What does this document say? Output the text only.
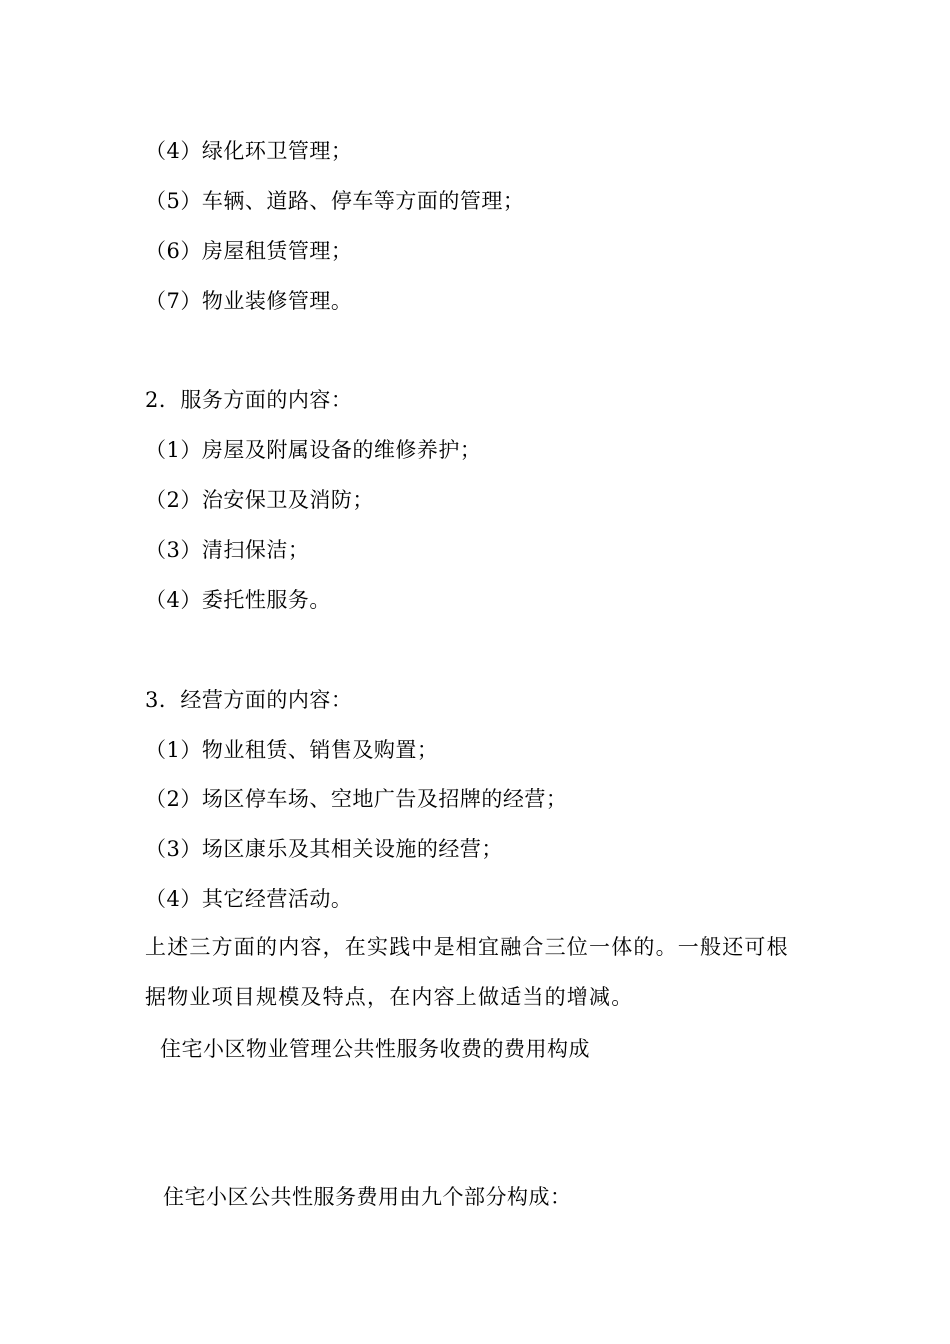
（4）绿化环卫管理；
（5）车辆、道路、停车等方面的管理；
（6）房屋租赁管理；
（7）物业装修管理。
2．服务方面的内容：
（1）房屋及附属设备的维修养护；
（2）治安保卫及消防；
（3）清扫保洁；
（4）委托性服务。
3．经营方面的内容：
（1）物业租赁、销售及购置；
（2）场区停车场、空地广告及招牌的经营；
（3）场区康乐及其相关设施的经营；
（4）其它经营活动。
上述三方面的内容，在实践中是相宜融合三位一体的。一般还可根
据物业项目规模及特点，在内容上做适当的增减。
住宅小区物业管理公共性服务收费的费用构成
住宅小区公共性服务费用由九个部分构成：
